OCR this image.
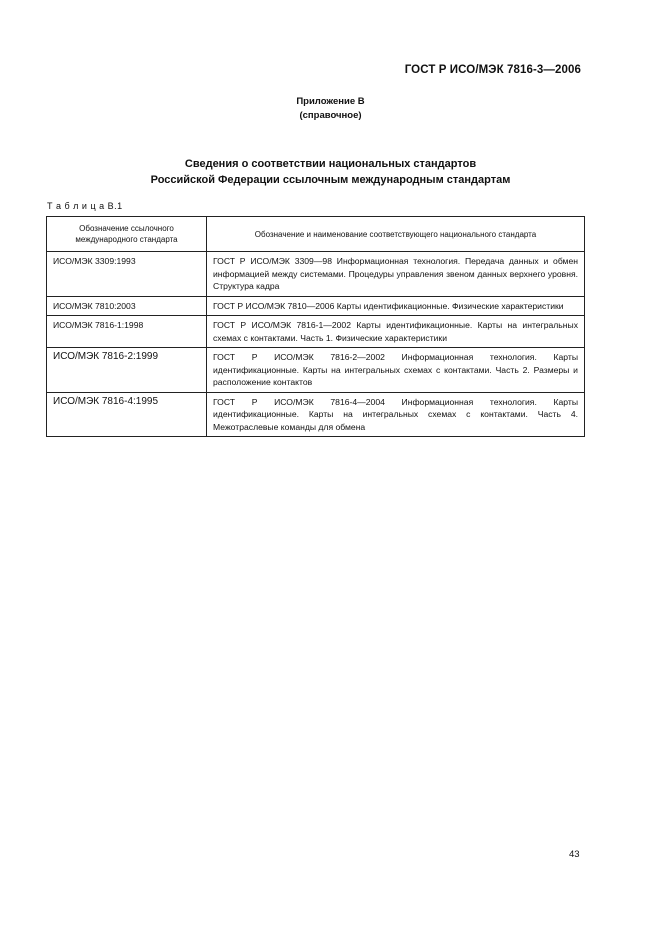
ГОСТ Р ИСО/МЭК 7816-3—2006
Приложение В
(справочное)
Сведения о соответствии национальных стандартов
Российской Федерации ссылочным международным стандартам
Т а б л и ц а В.1
Обозначение ссылочного международного стандарта	Обозначение и наименование соответствующего национального стандарта
ИСО/МЭК 3309:1993	ГОСТ Р ИСО/МЭК 3309—98 Информационная технология. Передача данных и обмен информацией между системами. Процедуры управления звеном данных верхнего уровня. Структура кадра
ИСО/МЭК 7810:2003	ГОСТ Р ИСО/МЭК 7810—2006 Карты идентификационные. Физические характеристики
ИСО/МЭК 7816-1:1998	ГОСТ Р ИСО/МЭК 7816-1—2002 Карты идентификационные. Карты на интегральных схемах с контактами. Часть 1. Физические характеристики
ИСО/МЭК 7816-2:1999	ГОСТ Р ИСО/МЭК 7816-2—2002 Информационная технология. Карты идентификационные. Карты на интегральных схемах с контактами. Часть 2. Размеры и расположение контактов
ИСО/МЭК 7816-4:1995	ГОСТ Р ИСО/МЭК 7816-4—2004 Информационная технология. Карты идентификационные. Карты на интегральных схемах с контактами. Часть 4. Межотраслевые команды для обмена
43
